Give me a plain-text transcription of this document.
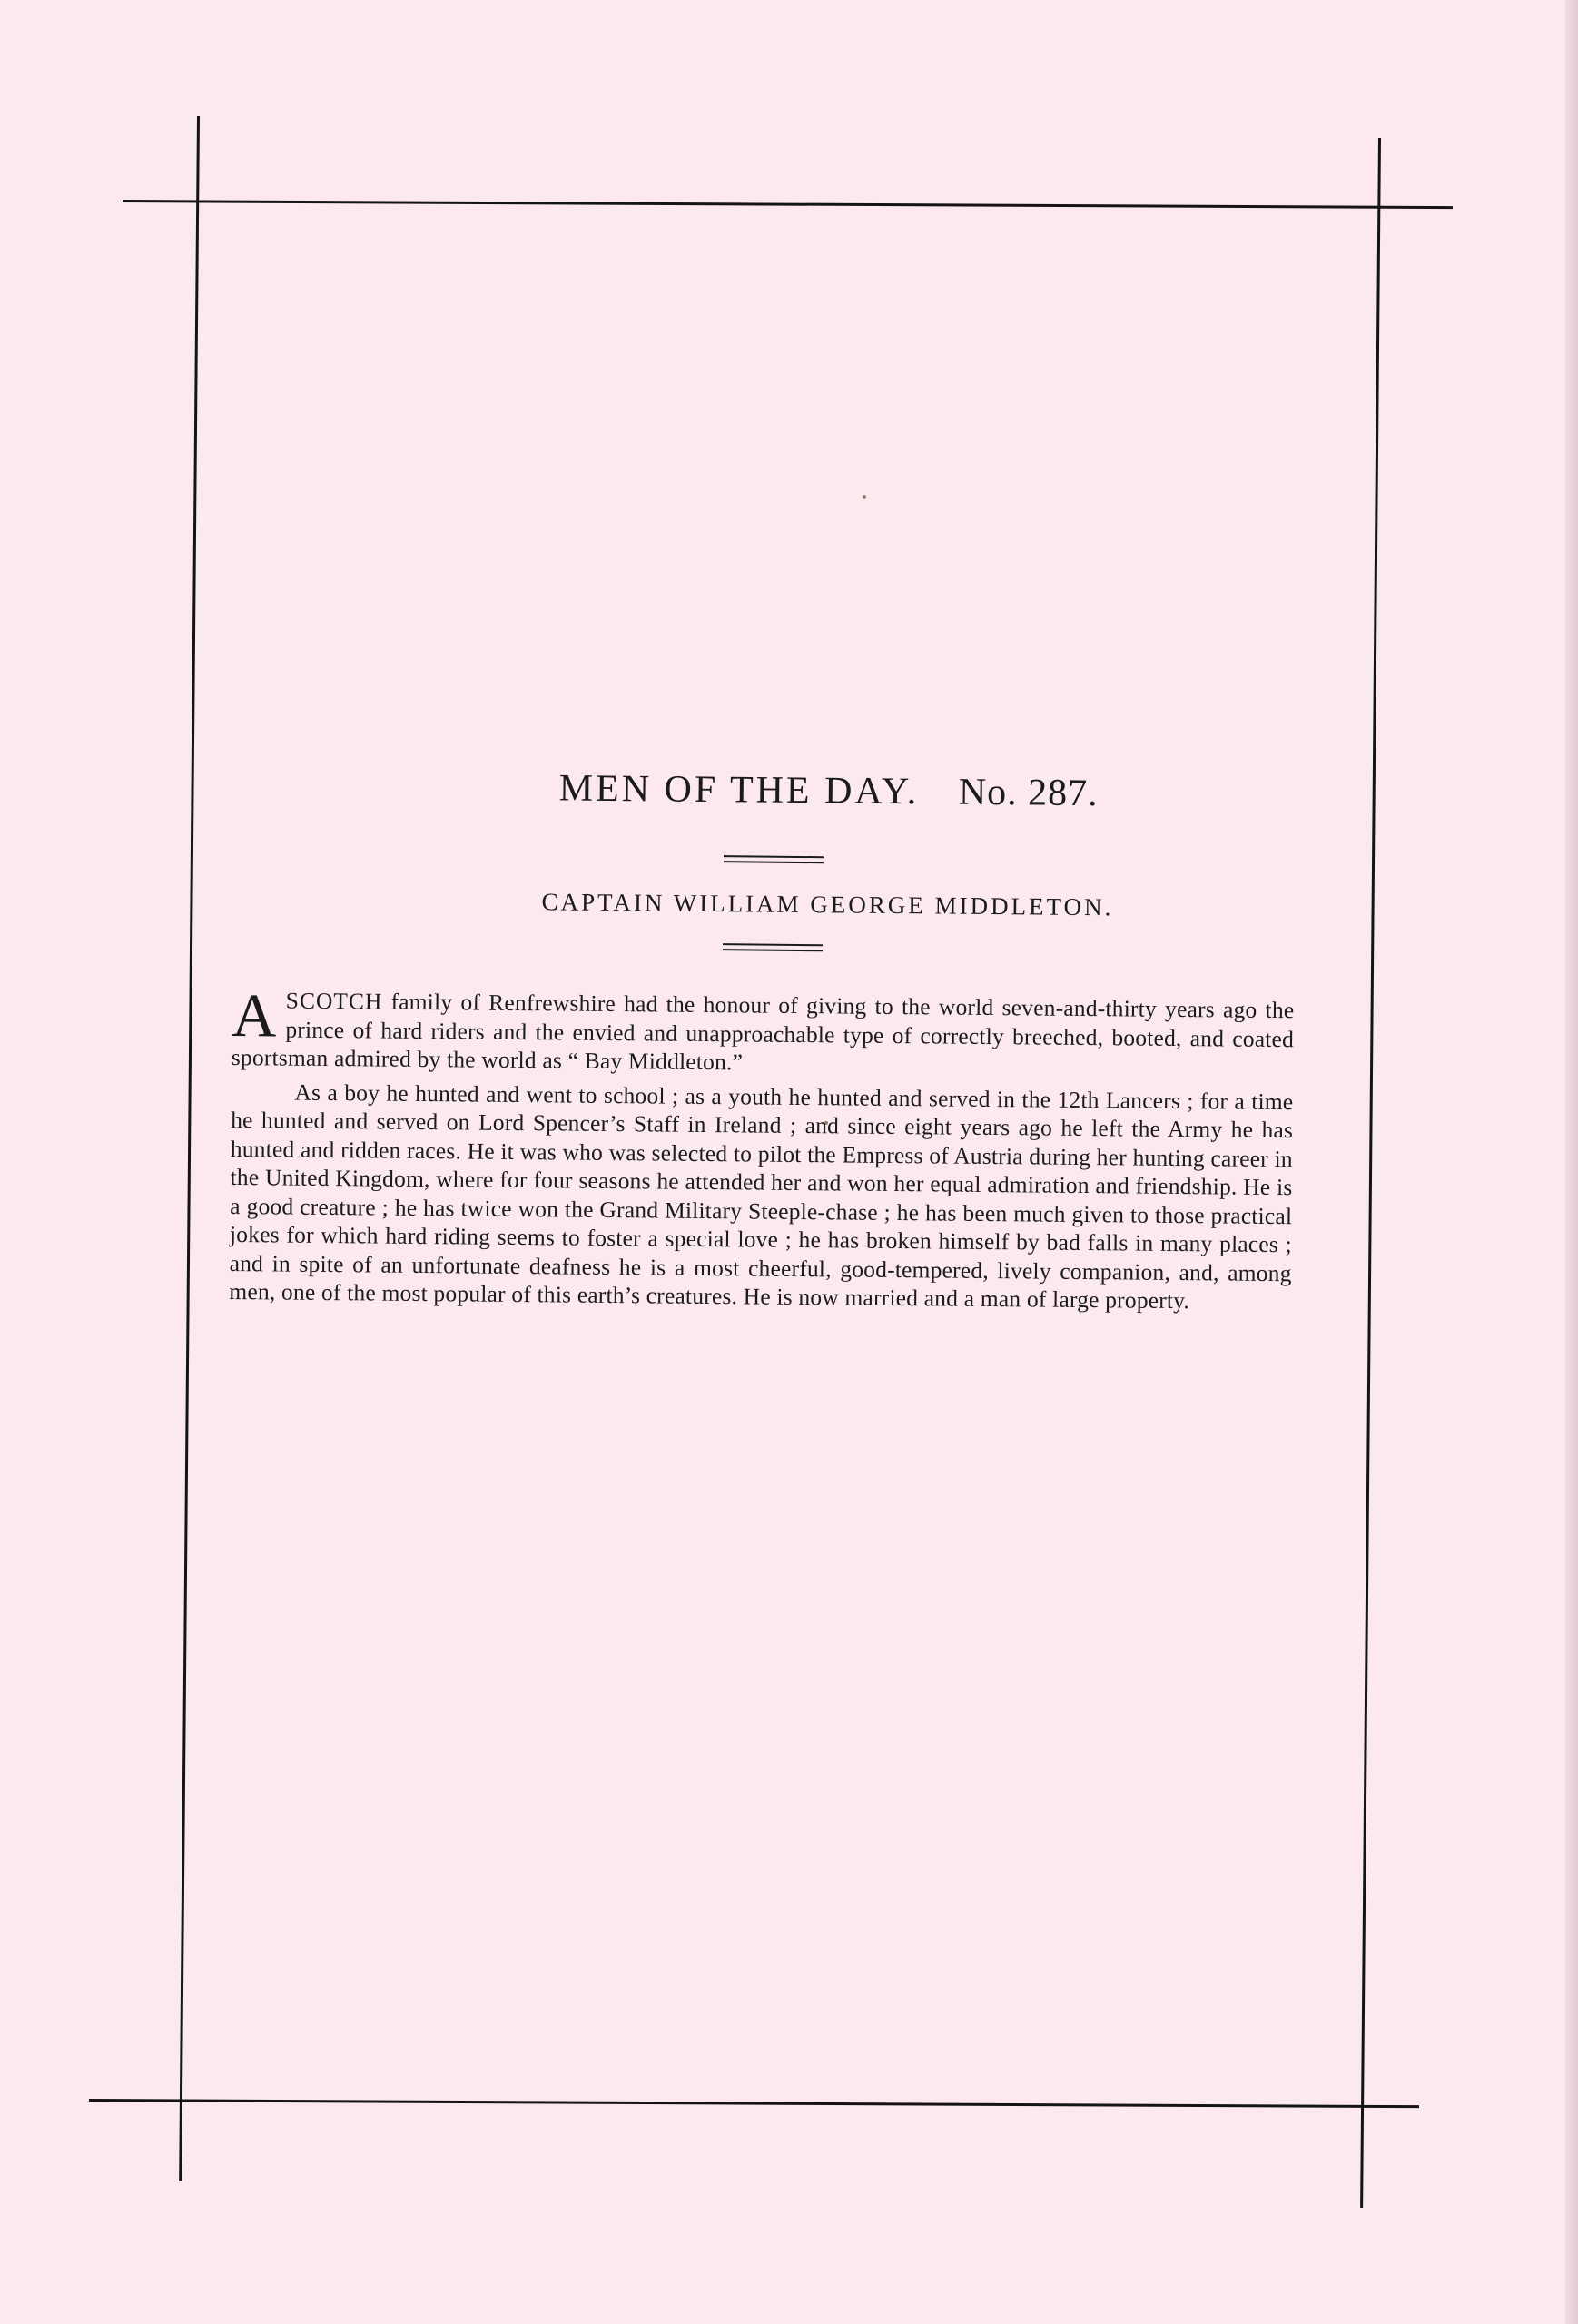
MEN OF THE DAY. No. 287.
CAPTAIN WILLIAM GEORGE MIDDLETON.

ASCOTCH family of Renfrewshire had the honour of giving to the world seven-and-thirty years ago the prince of hard riders and the envied and unapproachable type of correctly breeched, booted, and coated sportsman admired by the world as “ Bay Middleton.”

As a boy he hunted and went to school ; as a youth he hunted and served in the 12th Lancers ; for a time he hunted and served on Lord Spencer’s Staff in Ireland ; and since eight years ago he left the Army he has hunted and ridden races. He it was who was selected to pilot the Empress of Austria during her hunting career in the United Kingdom, where for four seasons he attended her and won her equal admiration and friendship. He is a good creature ; he has twice won the Grand Military Steeple-chase ; he has been much given to those practical jokes for which hard riding seems to foster a special love ; he has broken himself by bad falls in many places ; and in spite of an unfortunate deafness he is a most cheerful, good-tempered, lively companion, and, among men, one of the most popular of this earth’s creatures. He is now married and a man of large property.
